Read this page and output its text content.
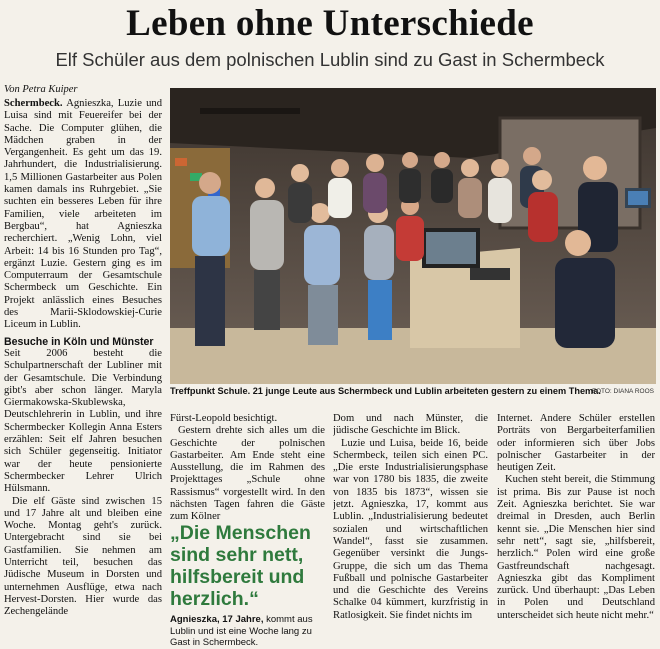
Leben ohne Unterschiede
Elf Schüler aus dem polnischen Lublin sind zu Gast in Schermbeck
Von Petra Kuiper

Schermbeck. Agnieszka, Luzie und Luisa sind mit Feuereifer bei der Sache. Die Computer glühen, die Mädchen graben in der Vergangenheit. Es geht um das 19. Jahrhundert, die Industrialisierung. 1,5 Millionen Gastarbeiter aus Polen kamen damals ins Ruhrgebiet. „Sie suchten ein besseres Leben für ihre Familien, viele arbeiteten im Bergbau“, hat Agnieszka recherchiert. „Wenig Lohn, viel Arbeit: 14 bis 16 Stunden pro Tag“, ergänzt Luzie. Gestern ging es im Computerraum der Gesamtschule Schermbeck um Geschichte. Ein Projekt anlässlich eines Besuches des Marii-Sklodowskiej-Curie Liceum in Lublin.

Besuche in Köln und Münster

Seit 2006 besteht die Schulpartnerschaft der Lubliner mit der Gesamtschule. Die Verbindung gibt's aber schon länger. Maryla Giermakowska-Skublewska, Deutschlehrerin in Lublin, und ihre Schermbecker Kollegin Anna Esters erzählen: Seit elf Jahren besuchen sich Schüler gegenseitig. Initiator war der heute pensionierte Schermbecker Lehrer Ulrich Hülsmann.

Die elf Gäste sind zwischen 15 und 17 Jahre alt und bleiben eine Woche. Montag geht's zurück. Untergebracht sind sie bei Gastfamilien. Sie nehmen am Unterricht teil, besuchen das Jüdische Museum in Dorsten und unternehmen Ausflüge, etwa nach Hervest-Dorsten. Hier wurde das Zechengelände

Treffpunkt Schule. 21 junge Leute aus Schermbeck und Lublin arbeiteten gestern zu einem Thema.
FOTO: DIANA ROOS

Fürst-Leopold besichtigt.

Gestern drehte sich alles um die Geschichte der polnischen Gastarbeiter. Am Ende steht eine Ausstellung, die im Rahmen des Projekttages „Schule ohne Rassismus“ vorgestellt wird. In den nächsten Tagen fahren die Gäste zum Kölner

„Die Menschen sind sehr nett, hilfsbereit und herzlich.“
Agnieszka, 17 Jahre, kommt aus Lublin und ist eine Woche lang zu Gast in Schermbeck.

Dom und nach Münster, die jüdische Geschichte im Blick.

Luzie und Luisa, beide 16, beide Schermbeck, teilen sich einen PC. „Die erste Industrialisierungsphase war von 1780 bis 1835, die zweite von 1835 bis 1873“, wissen sie jetzt. Agnieszka, 17, kommt aus Lublin. „Industrialisierung bedeutet sozialen und wirtschaftlichen Wandel“, fasst sie zusammen. Gegenüber versinkt die Jungs-Gruppe, die sich um das Thema Fußball und polnische Gastarbeiter und die Geschichte des Vereins Schalke 04 kümmert, kurzfristig in Ratlosigkeit. Sie findet nichts im

Internet. Andere Schüler erstellen Porträts von Bergarbeiterfamilien oder informieren sich über Jobs polnischer Gastarbeiter in der heutigen Zeit.

Kuchen steht bereit, die Stimmung ist prima. Bis zur Pause ist noch Zeit. Agnieszka berichtet. Sie war dreimal in Dresden, auch Berlin kennt sie. „Die Menschen hier sind sehr nett“, sagt sie, „hilfsbereit, herzlich.“ Polen wird eine große Gastfreundschaft nachgesagt. Agnieszka gibt das Kompliment zurück. Und überhaupt: „Das Leben in Polen und Deutschland unterscheidet sich heute nicht mehr.“
